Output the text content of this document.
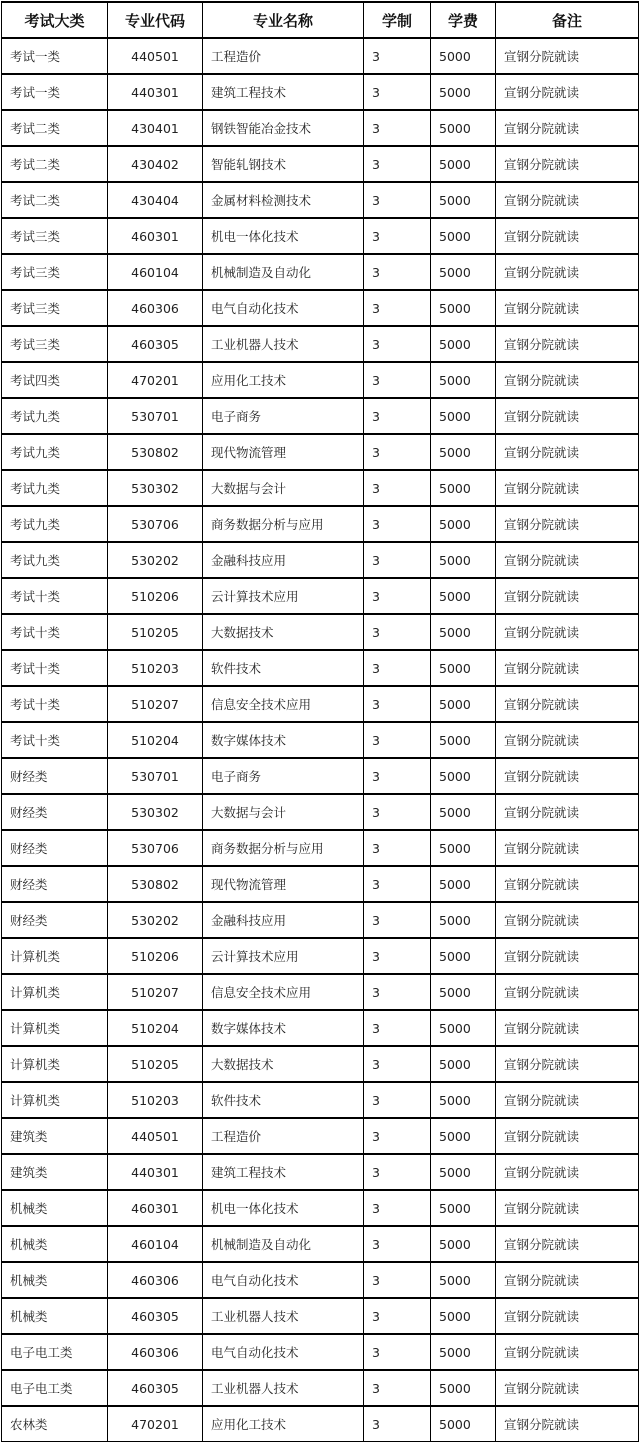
考试大类	专业代码	专业名称	学制	学费	备注
考试一类	440501	工程造价	3	5000	宣钢分院就读
考试一类	440301	建筑工程技术	3	5000	宣钢分院就读
考试二类	430401	钢铁智能冶金技术	3	5000	宣钢分院就读
考试二类	430402	智能轧钢技术	3	5000	宣钢分院就读
考试二类	430404	金属材料检测技术	3	5000	宣钢分院就读
考试三类	460301	机电一体化技术	3	5000	宣钢分院就读
考试三类	460104	机械制造及自动化	3	5000	宣钢分院就读
考试三类	460306	电气自动化技术	3	5000	宣钢分院就读
考试三类	460305	工业机器人技术	3	5000	宣钢分院就读
考试四类	470201	应用化工技术	3	5000	宣钢分院就读
考试九类	530701	电子商务	3	5000	宣钢分院就读
考试九类	530802	现代物流管理	3	5000	宣钢分院就读
考试九类	530302	大数据与会计	3	5000	宣钢分院就读
考试九类	530706	商务数据分析与应用	3	5000	宣钢分院就读
考试九类	530202	金融科技应用	3	5000	宣钢分院就读
考试十类	510206	云计算技术应用	3	5000	宣钢分院就读
考试十类	510205	大数据技术	3	5000	宣钢分院就读
考试十类	510203	软件技术	3	5000	宣钢分院就读
考试十类	510207	信息安全技术应用	3	5000	宣钢分院就读
考试十类	510204	数字媒体技术	3	5000	宣钢分院就读
财经类	530701	电子商务	3	5000	宣钢分院就读
财经类	530302	大数据与会计	3	5000	宣钢分院就读
财经类	530706	商务数据分析与应用	3	5000	宣钢分院就读
财经类	530802	现代物流管理	3	5000	宣钢分院就读
财经类	530202	金融科技应用	3	5000	宣钢分院就读
计算机类	510206	云计算技术应用	3	5000	宣钢分院就读
计算机类	510207	信息安全技术应用	3	5000	宣钢分院就读
计算机类	510204	数字媒体技术	3	5000	宣钢分院就读
计算机类	510205	大数据技术	3	5000	宣钢分院就读
计算机类	510203	软件技术	3	5000	宣钢分院就读
建筑类	440501	工程造价	3	5000	宣钢分院就读
建筑类	440301	建筑工程技术	3	5000	宣钢分院就读
机械类	460301	机电一体化技术	3	5000	宣钢分院就读
机械类	460104	机械制造及自动化	3	5000	宣钢分院就读
机械类	460306	电气自动化技术	3	5000	宣钢分院就读
机械类	460305	工业机器人技术	3	5000	宣钢分院就读
电子电工类	460306	电气自动化技术	3	5000	宣钢分院就读
电子电工类	460305	工业机器人技术	3	5000	宣钢分院就读
农林类	470201	应用化工技术	3	5000	宣钢分院就读
